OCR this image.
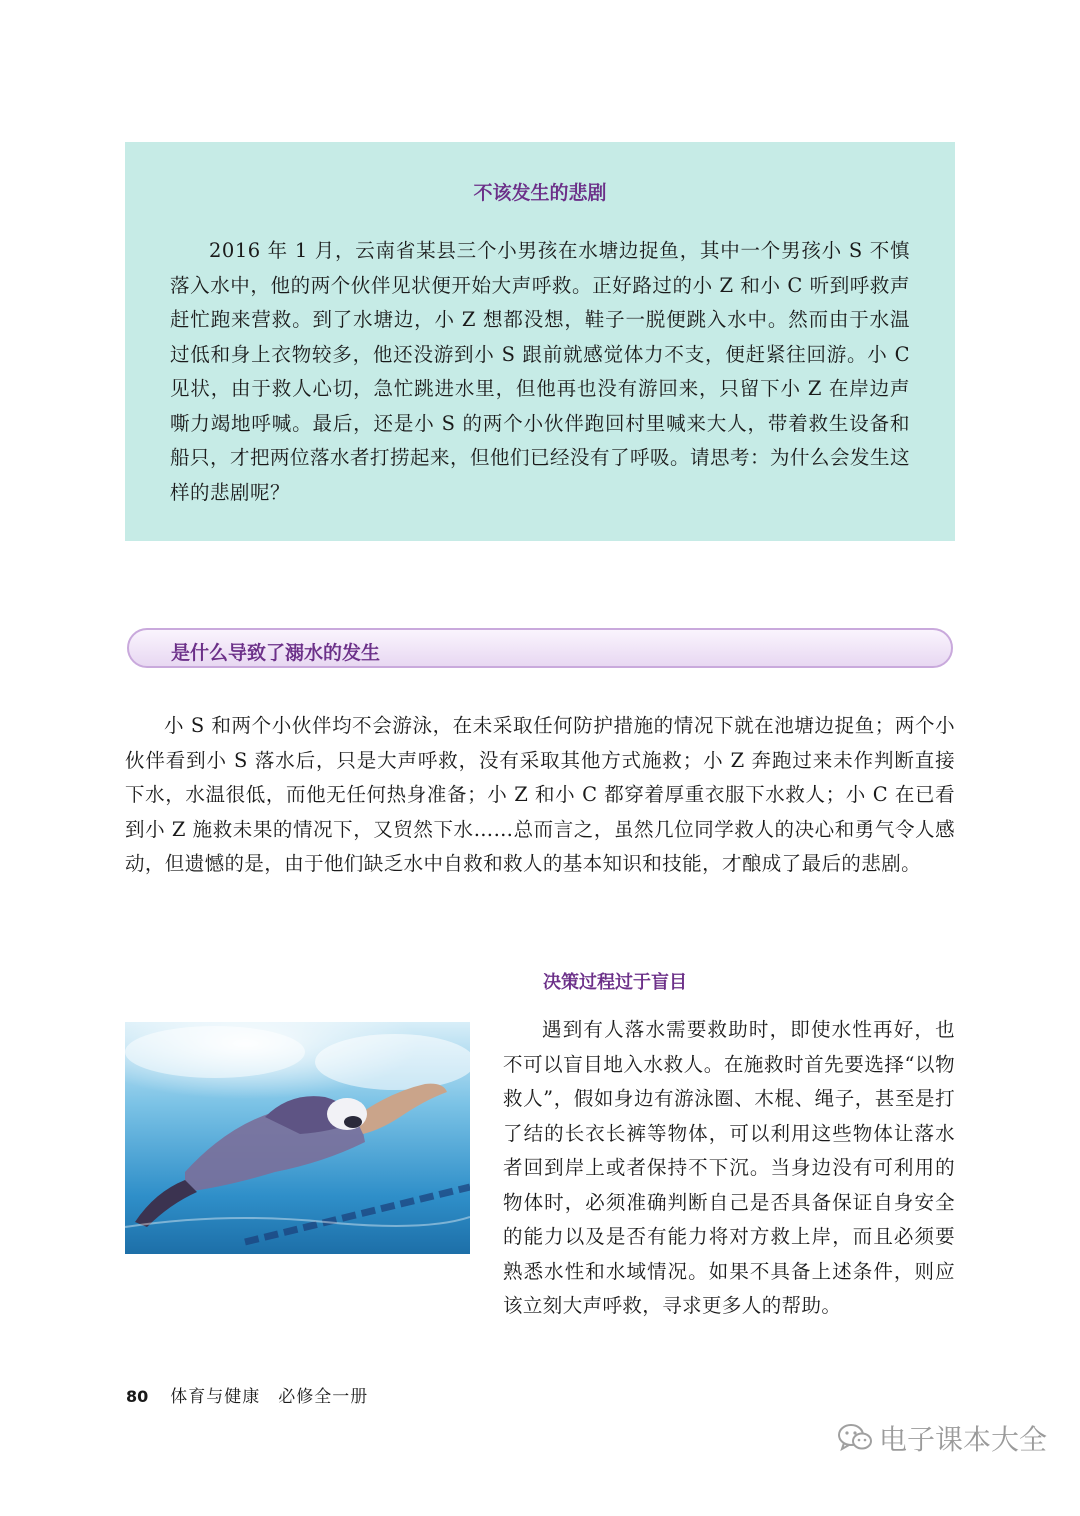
不该发生的悲剧

2016 年 1 月，云南省某县三个小男孩在水塘边捉鱼，其中一个男孩小 S 不慎落入水中，他的两个伙伴见状便开始大声呼救。正好路过的小 Z 和小 C 听到呼救声赶忙跑来营救。到了水塘边，小 Z 想都没想，鞋子一脱便跳入水中。然而由于水温过低和身上衣物较多，他还没游到小 S 跟前就感觉体力不支，便赶紧往回游。小 C 见状，由于救人心切，急忙跳进水里，但他再也没有游回来，只留下小 Z 在岸边声嘶力竭地呼喊。最后，还是小 S 的两个小伙伴跑回村里喊来大人，带着救生设备和船只，才把两位落水者打捞起来，但他们已经没有了呼吸。请思考：为什么会发生这样的悲剧呢？

是什么导致了溺水的发生

小 S 和两个小伙伴均不会游泳，在未采取任何防护措施的情况下就在池塘边捉鱼；两个小伙伴看到小 S 落水后，只是大声呼救，没有采取其他方式施救；小 Z 奔跑过来未作判断直接下水，水温很低，而他无任何热身准备；小 Z 和小 C 都穿着厚重衣服下水救人；小 C 在已看到小 Z 施救未果的情况下，又贸然下水……总而言之，虽然几位同学救人的决心和勇气令人感动，但遗憾的是，由于他们缺乏水中自救和救人的基本知识和技能，才酿成了最后的悲剧。

决策过程过于盲目

遇到有人落水需要救助时，即使水性再好，也不可以盲目地入水救人。在施救时首先要选择“以物救人”，假如身边有游泳圈、木棍、绳子，甚至是打了结的长衣长裤等物体，可以利用这些物体让落水者回到岸上或者保持不下沉。当身边没有可利用的物体时，必须准确判断自己是否具备保证自身安全的能力以及是否有能力将对方救上岸，而且必须要熟悉水性和水域情况。如果不具备上述条件，则应该立刻大声呼救，寻求更多人的帮助。

80 体育与健康　必修全一册
电子课本大全
